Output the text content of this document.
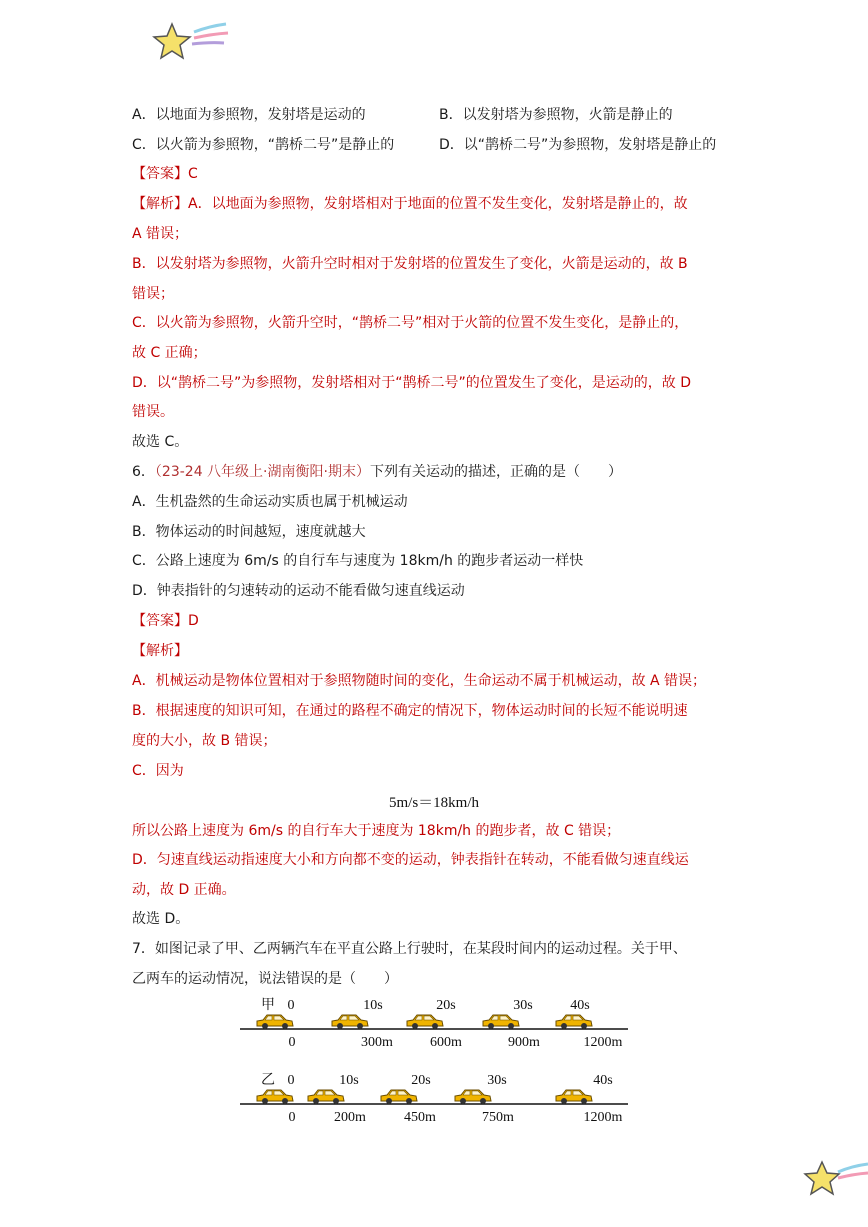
A．以地面为参照物，发射塔是运动的	B．以发射塔为参照物，火箭是静止的
C．以火箭为参照物，“鹊桥二号”是静止的	D．以“鹊桥二号”为参照物，发射塔是静止的
【答案】C
【解析】A．以地面为参照物，发射塔相对于地面的位置不发生变化，发射塔是静止的，故
A 错误；
B．以发射塔为参照物，火箭升空时相对于发射塔的位置发生了变化，火箭是运动的，故 B
错误；
C．以火箭为参照物，火箭升空时，“鹊桥二号”相对于火箭的位置不发生变化，是静止的，
故 C 正确；
D．以“鹊桥二号”为参照物，发射塔相对于“鹊桥二号”的位置发生了变化，是运动的，故 D
错误。
故选 C。
6．（23-24 八年级上·湖南衡阳·期末）下列有关运动的描述，正确的是（　　）
A．生机盎然的生命运动实质也属于机械运动
B．物体运动的时间越短，速度就越大
C．公路上速度为 6m/s 的自行车与速度为 18km/h 的跑步者运动一样快
D．钟表指针的匀速转动的运动不能看做匀速直线运动
【答案】D
【解析】
A．机械运动是物体位置相对于参照物随时间的变化，生命运动不属于机械运动，故 A 错误；
B．根据速度的知识可知，在通过的路程不确定的情况下，物体运动时间的长短不能说明速
度的大小，故 B 错误；
C．因为
5m/s＝18km/h
所以公路上速度为 6m/s 的自行车大于速度为 18km/h 的跑步者，故 C 错误；
D．匀速直线运动指速度大小和方向都不变的运动，钟表指针在转动，不能看做匀速直线运
动，故 D 正确。
故选 D。
7．如图记录了甲、乙两辆汽车在平直公路上行驶时，在某段时间内的运动过程。关于甲、
乙两车的运动情况，说法错误的是（　　）
甲 0	10s	20s	30s	40s
0	300m	600m	900m	1200m
乙 0	10s	20s	30s	40s
0	200m	450m	750m	1200m
